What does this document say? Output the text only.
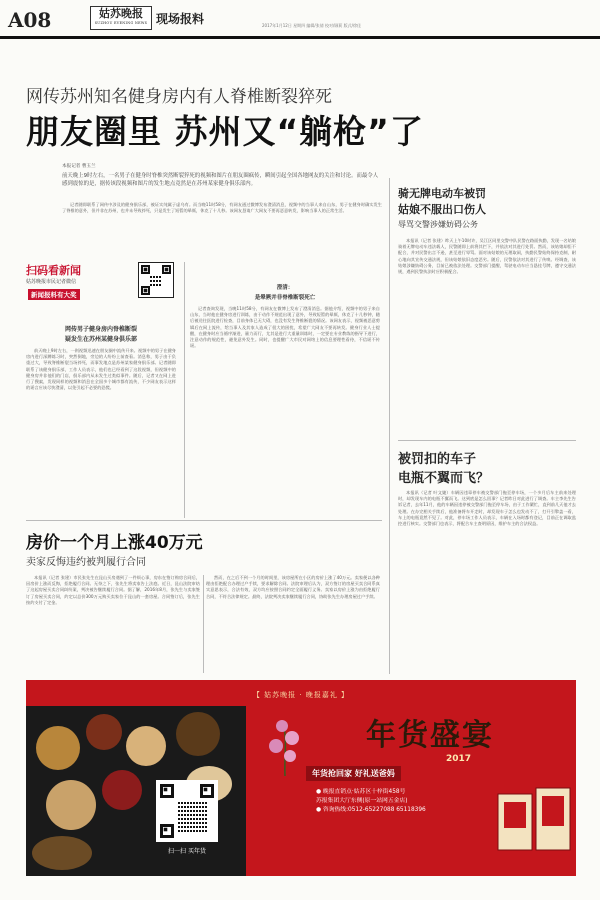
A08	姑苏晚报
SUZHOU EVENING NEWS 现场报料	2017年1月12日 星期四 编辑/张倩 校对/顾莉 版式/徐佳
网传苏州知名健身房内有人脊椎断裂猝死
朋友圈里 苏州又“躺枪”了
本报记者 曹玉兰
前天晚上9时左右，一名男子在健身时脊椎突然断裂猝死的视频和图片在朋友圈疯传，瞬间引起全国各地网友的关注和讨论。而最令人感到震惊的是，据传该段视频和图片的发生地点竟然是在苏州某家健身俱乐部内。

记者随即联系了网传中涉及的健身俱乐部，被证实纯属子虚乌有。而当晚11时58分，有网友通过微博发布澄清消息，视频中的当事人来自山东，男子在健身时确实发生了脊椎的意外，但并非在苏州，也并未导致猝死，只是发生了短暂的晕厥，休克了十几秒。该网友恳请广大网友不要再恶意转发，影响当事人的正常生活。

扫码看新闻
姑苏晚报市民记者微信
新闻报料有大奖
网传男子健身房内脊椎断裂
疑发生在苏州某健身俱乐部

前天晚上9时左右，一则视频迅速在朋友圈中流传开来。视频中的男子在健身房内进行深蹲练习时，突然倒地，旁边的人纷纷上前查看。消息称，男子由于负重过大，导致脊椎断裂当场猝死，而事发地点是苏州某家健身俱乐部。记者随即联系了该健身俱乐部，工作人员表示，他们也已经看到了这段视频，但视频中的健身房并非他们的门店，俱乐部内从未发生过类似事件。随后，记者又在网上进行了搜索，发现同样的视频和消息在全国多个城市都有流传，不少网友表示这样的谣言应该尽快澄清，以免引起不必要的恐慌。

澄清：
是晕厥并非脊椎断裂死亡

记者查询发现，当晚11时58分，有网友在微博上发布了澄清消息。据他介绍，视频中的男子来自山东，当时他在健身房进行训练，由于动作不规范出现了意外，导致短暂的晕厥，休克了十几秒钟，随后被送往医院进行检查，目前身体已无大碍，也没有发生脊椎断裂的情况。该网友表示，视频被恶意剪辑后在网上流传，给当事人及其家人造成了很大的困扰，希望广大网友不要再转发。健身行业人士提醒，在健身时应当循序渐进，量力而行，尤其是进行大重量训练时，一定要在专业教练的指导下进行，注意动作的规范性，避免意外发生。同时，也提醒广大市民对网络上的信息要理性看待，不信谣不传谣。

骑无牌电动车被罚
姑娘不服出口伤人
辱骂交警涉嫌妨碍公务

本报讯（记者 张建）昨天上午10时许，吴江区同里交警中队民警在路面执勤，发现一名姑娘骑着无牌电动车违法载人，民警随即上前将其拦下，并依法对其进行处罚。然而，该姑娘却拒不配合，并对民警出言不逊，甚至进行辱骂。面对该姑娘的无理取闹，执勤民警始终保持克制，耐心地向其宣传交通法规，但该姑娘依旧态度恶劣。随后，民警依法对其进行了传唤。经调查，该姑娘涉嫌妨碍公务，目前已被依法处理。交警部门提醒，驾驶电动车应当悬挂号牌，遵守交通法规，遇到民警执法时应积极配合。

被罚扣的车子
电瓶不翼而飞？

本报讯（记者 叶文婕）车辆因违章停车被交警部门拖至停车场，一个多月后车主前来处理时，却发现车内的电瓶不翼而飞。这到底是怎么回事？记者昨日对此进行了调查。车主李先生告诉记者，去年11月，他的车辆因违停被交警部门拖至停车场，由于工作繁忙，直到前几天他才去处理。在办完相关手续后，他准备将车开走时，却发现车子怎么也发动不了，打开引擎盖一看，车上的电瓶竟然不见了。对此，停车场工作人员表示，车辆在入场时都有登记，目前正在调取监控进行核实。交警部门也表示，将配合车主查明原因，维护车主的合法权益。

房价一个月上涨40万元
卖家反悔违约被判履行合同

本报讯（记者 张建）市民张先生在昆山买房遇到了一件烦心事，房东在签订购房合同后，因房价上涨而反悔，拒绝履行合同。无奈之下，张先生将卖家告上法庭。近日，昆山法院审结了这起房屋买卖合同纠纷案，判决被告继续履行合同。据了解，2016年8月，张先生与卖家签订了房屋买卖合同，约定以总价300万元购买卖家位于昆山的一套房屋。合同签订后，张先生按约支付了定金。

然而，在之后不到一个月的时间里，该房屋所在小区的房价上涨了40万元。卖家便以各种理由拒绝配合办理过户手续，要求解除合同。法院审理后认为，双方签订的房屋买卖合同系真实意思表示，合法有效，双方均应按照合同约定全面履行义务。卖家以房价上涨为由拒绝履行合同，不符合法律规定。最终，法院判决卖家继续履行合同，协助张先生办理房屋过户手续。

【 姑苏晚报 · 晚报嘉礼 】
扫一扫 买年货
年货盛宴
2017
年货抢回家 好礼送爸妈
● 晚报直销点·姑苏区十梓街458号
苏报集团大厅东侧(原一站网五金店)
● 咨询热线:0512-65227088 65118396
